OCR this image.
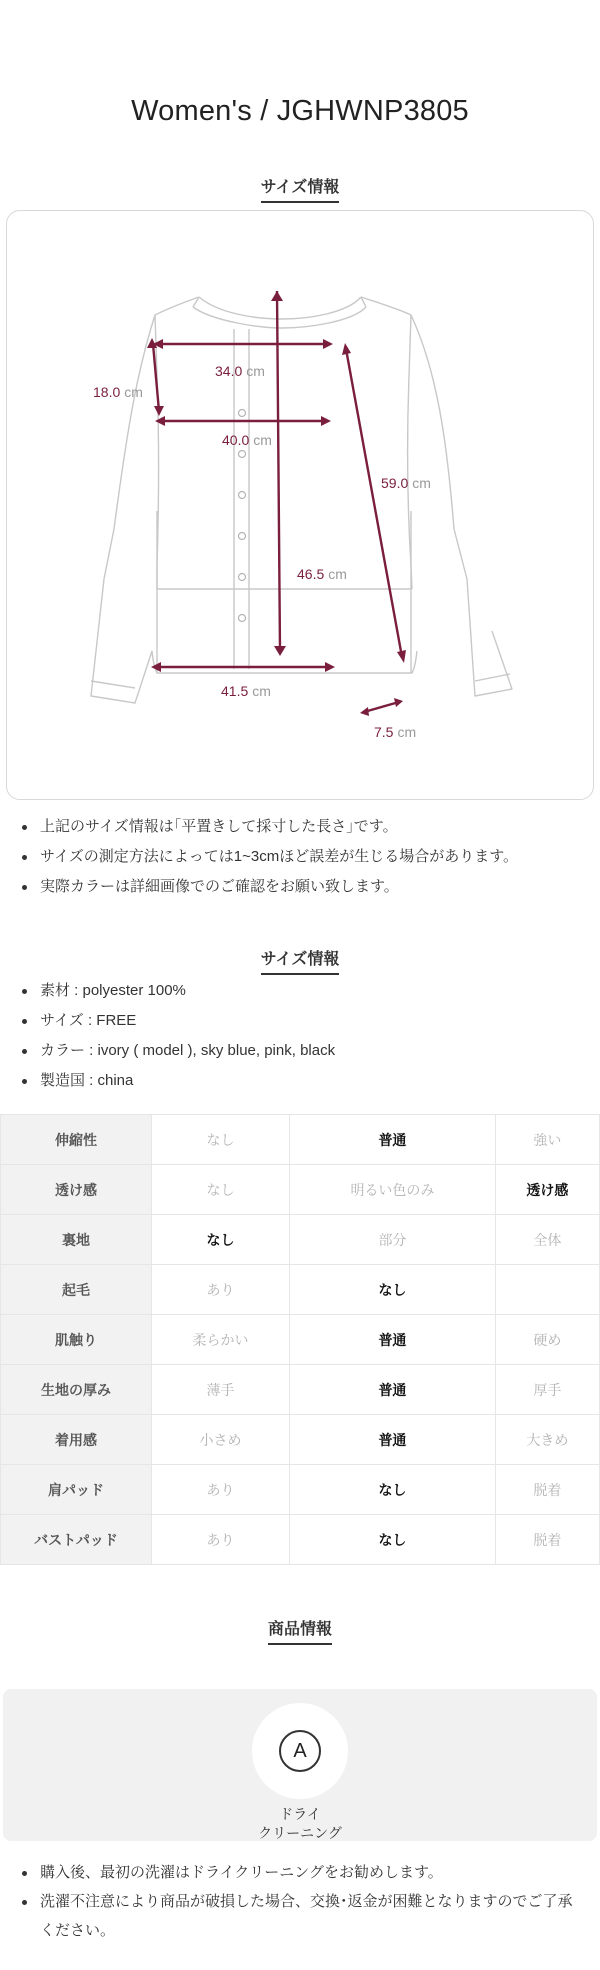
Women's / JGHWNP3805
サイズ情報
34.0 cm
18.0 cm
40.0 cm
59.0 cm
46.5 cm
41.5 cm
7.5 cm
上記のサイズ情報は｢平置きして採寸した長さ｣です。
サイズの測定方法によっては1~3cmほど誤差が生じる場合があります。
実際カラーは詳細画像でのご確認をお願い致します。
サイズ情報
素材 : polyester 100%
サイズ : FREE
カラー : ivory ( model ), sky blue, pink, black
製造国 : china
伸縮性	なし	普通	強い
透け感	なし	明るい色のみ	透け感
裏地	なし	部分	全体
起毛	あり	なし	
肌触り	柔らかい	普通	硬め
生地の厚み	薄手	普通	厚手
着用感	小さめ	普通	大きめ
肩パッド	あり	なし	脱着
バストパッド	あり	なし	脱着
商品情報
A
ドライ
クリーニング
購入後、最初の洗濯はドライクリーニングをお勧めします。
洗濯不注意により商品が破損した場合、交換･返金が困難となりますのでご了承ください。
